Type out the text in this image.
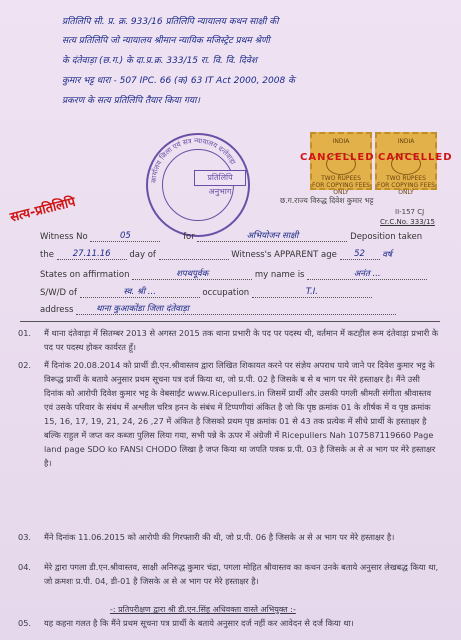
प्रतिलिपि सी. प्र. क्र. 933/16 प्रतिलिपि न्यायालय कथन साक्षी की
सत्य प्रतिलिपि जो न्यायालय श्रीमान न्यायिक मजिस्ट्रेट प्रथम श्रेणी
के दंतेवाड़ा (छ.ग.) के दा.प्र.क्र. 333/15 रा. वि. वि. दिवेश
कुमार भट्ट धारा - 507 IPC. 66 (क) 63 IT Act 2000, 2008 के
प्रकरण के सत्य प्रतिलिपि तैयार किया गया।
सत्य-प्रतिलिपि
कार्यालय जिला एवं सत्र न्यायालय दन्तेवाड़ा
प्रतिलिपि अनुभाग
INDIA
TWO RUPEES
FOR COPYING FEES ONLY
INDIA
TWO RUPEES
FOR COPYING FEES ONLY
CANCELLED CANCELLED
छ.ग.राज्य विरुद्ध दिवेश कुमार भट्ट
II-157 CJ
Cr.C.No. 333/15
Witness No	05	for	अभियोजन साक्षी	Deposition taken
the 27.11.16 day of	Witness's APPARENT age 52 वर्ष
States on affirmation	शपथपूर्वक	my name is	अनंत ...
S/W/D of	स्व. श्री ...	occupation	T.I.
address	थाना कुआकोंडा जिला दंतेवाड़ा
01. मैं थाना दंतेवाड़ा में सितम्बर 2013 से अगस्त 2015 तक थाना प्रभारी के पद पर पदस्थ थी, वर्तमान में कटहील रूम दंतेवाड़ा प्रभारी के पद पर पदस्थ होकर कार्यरत हूँ।
02. मैं दिनांक 20.08.2014 को प्रार्थी डी.एन.श्रीवास्तव द्वारा लिखित शिकायत करने पर संज्ञेय अपराध पाये जाने पर दिवेश कुमार भट्ट के विरूद्ध प्रार्थी के बताये अनुसार प्रथम सूचना पत्र दर्ज किया था, जो प्र.पी. 02 है जिसके ब से ब भाग पर मेरे हस्ताक्षर है। मैंने उसी दिनांक को आरोपी दिवेश कुमार भट्ट के वेबसाईट www.Ricepullers.in जिसमें प्रार्थी और उसकी पगली श्रीमती संगीता श्रीवास्तव एवं उसके परिवार के संबंध में अश्लील चरित्र हनन के संबंध में टिप्पणीयां अंकित है जो कि पृष्ठ क्रमांक 01 के शीर्षक में व पृष्ठ क्रमांक 15, 16, 17, 19, 21, 24, 26 ,27 में अंकित है जिसको प्रथम पृष्ठ क्रमांक 01 से 43 तक प्रत्येक में सीधे प्रार्थी के हस्ताक्षर है बल्कि राहुल में जप्त कर कब्जा पुलिस लिया गया, सभी पन्ने के ऊपर में अंग्रेजी में Ricepullers Nah 107587119660 Page land page SDO ko FANSI CHODO लिखा है जप्त किया था जपति पत्रक प्र.पी. 03 है जिसके अ से अ भाग पर मेरे हस्ताक्षर है।
03. मैंने दिनांक 11.06.2015 को आरोपी की गिरफ्तारी की थी, जो प्र.पी. 06 है जिसके अ से अ भाग पर मेरे हस्ताक्षर है।
04. मेरे द्वारा पगला डी.एन.श्रीवास्तव, साक्षी अनिरुद्ध कुमार चंद्रा, पगला मोहित श्रीवास्तव का कथन उनके बताये अनुसार लेखबद्ध किया था, जो क्रमशः प्र.पी. 04, डी-01 है जिसके अ से अ भाग पर मेरे हस्ताक्षर है।
-: प्रतिपरीक्षण द्वारा श्री डी.एन.सिंह अधिवक्ता वास्ते अभियुक्त :-
05. यह कहना गलत है कि मैंने प्रथम सूचना पत्र प्रार्थी के बताये अनुसार दर्ज नहीं कर आवेदन से दर्ज किया था।
